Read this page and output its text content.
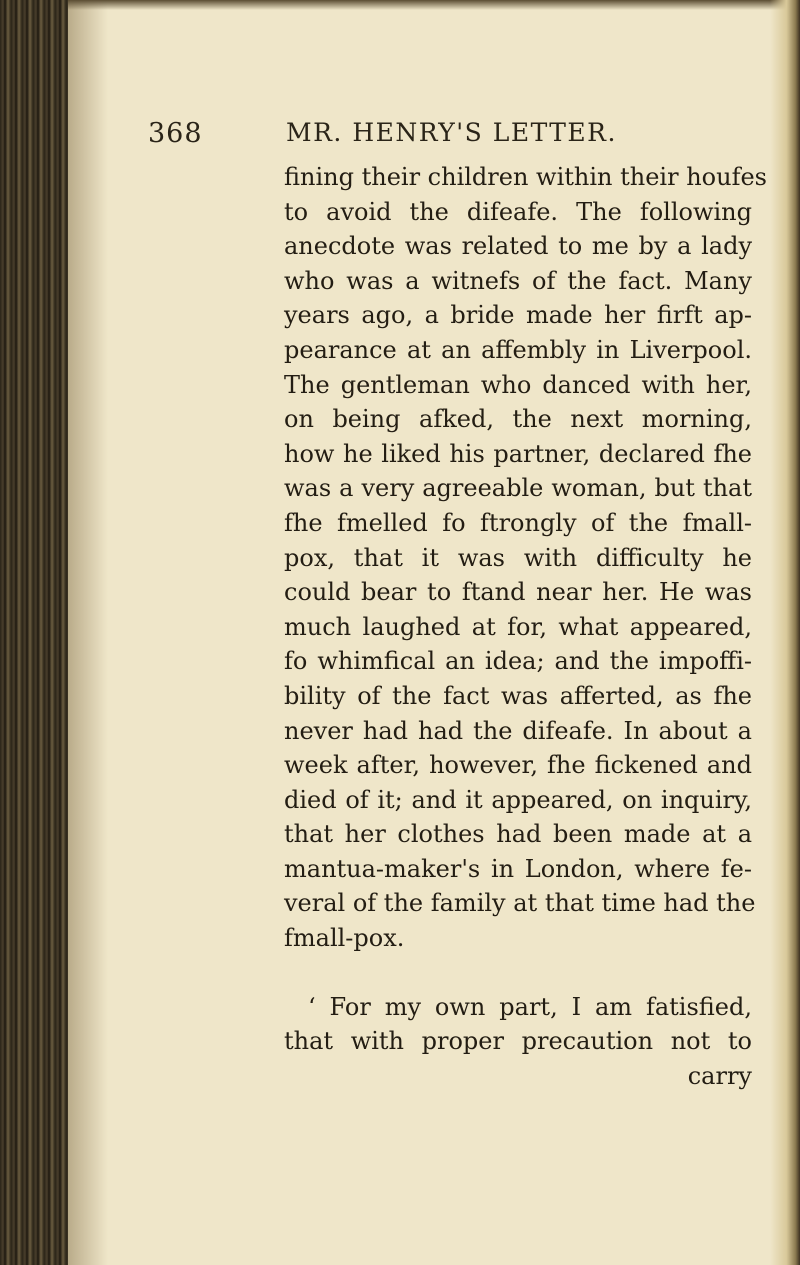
368	MR. HENRY'S LETTER.
fining their children within their houfes
to avoid the difeafe. The following
anecdote was related to me by a lady
who was a witnefs of the fact. Many
years ago, a bride made her firft ap-
pearance at an affembly in Liverpool.
The gentleman who danced with her,
on being afked, the next morning,
how he liked his partner, declared fhe
was a very agreeable woman, but that
fhe fmelled fo ftrongly of the fmall-
pox, that it was with difficulty he
could bear to ftand near her. He was
much laughed at for, what appeared,
fo whimfical an idea; and the impoffi-
bility of the fact was afferted, as fhe
never had had the difeafe. In about a
week after, however, fhe fickened and
died of it; and it appeared, on inquiry,
that her clothes had been made at a
mantua-maker's in London, where fe-
veral of the family at that time had the
fmall-pox.
‘ For my own part, I am fatisfied,
that with proper precaution not to
carry
